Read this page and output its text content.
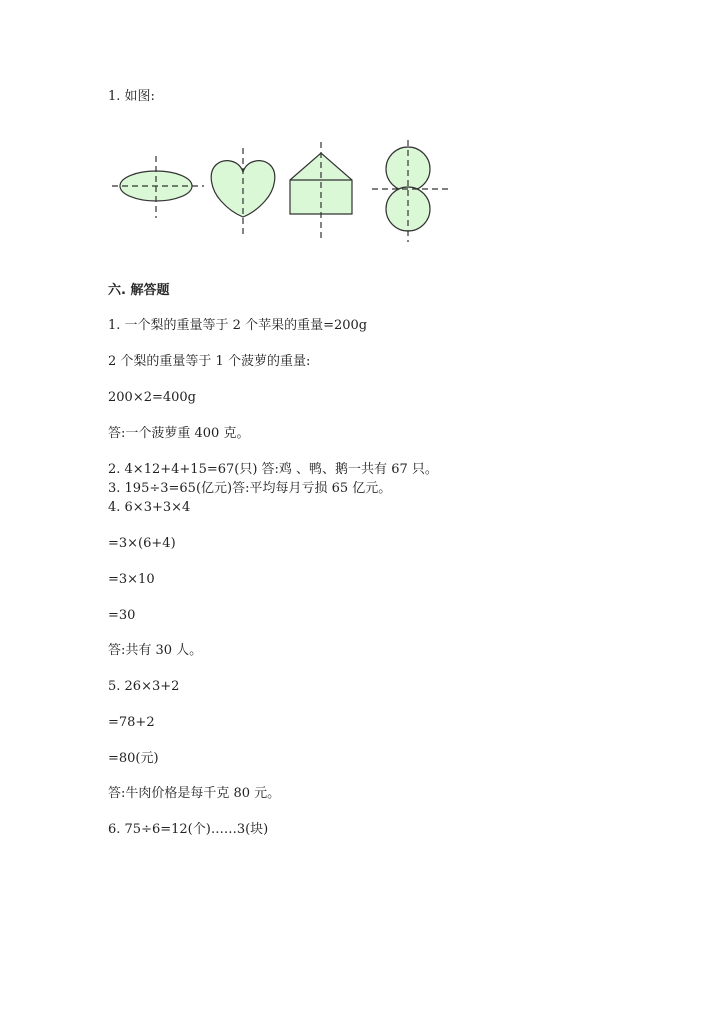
1. 如图:
六. 解答题
1. 一个梨的重量等于 2 个苹果的重量=200g
2 个梨的重量等于 1 个菠萝的重量:
200×2=400g
答:一个菠萝重 400 克。
2. 4×12+4+15=67(只) 答:鸡 、鸭、鹅一共有 67 只。
3. 195÷3=65(亿元)答:平均每月亏损 65 亿元。
4. 6×3+3×4
=3×(6+4)
=3×10
=30
答:共有 30 人。
5. 26×3+2
=78+2
=80(元)
答:牛肉价格是每千克 80 元。
6. 75÷6=12(个)……3(块)
